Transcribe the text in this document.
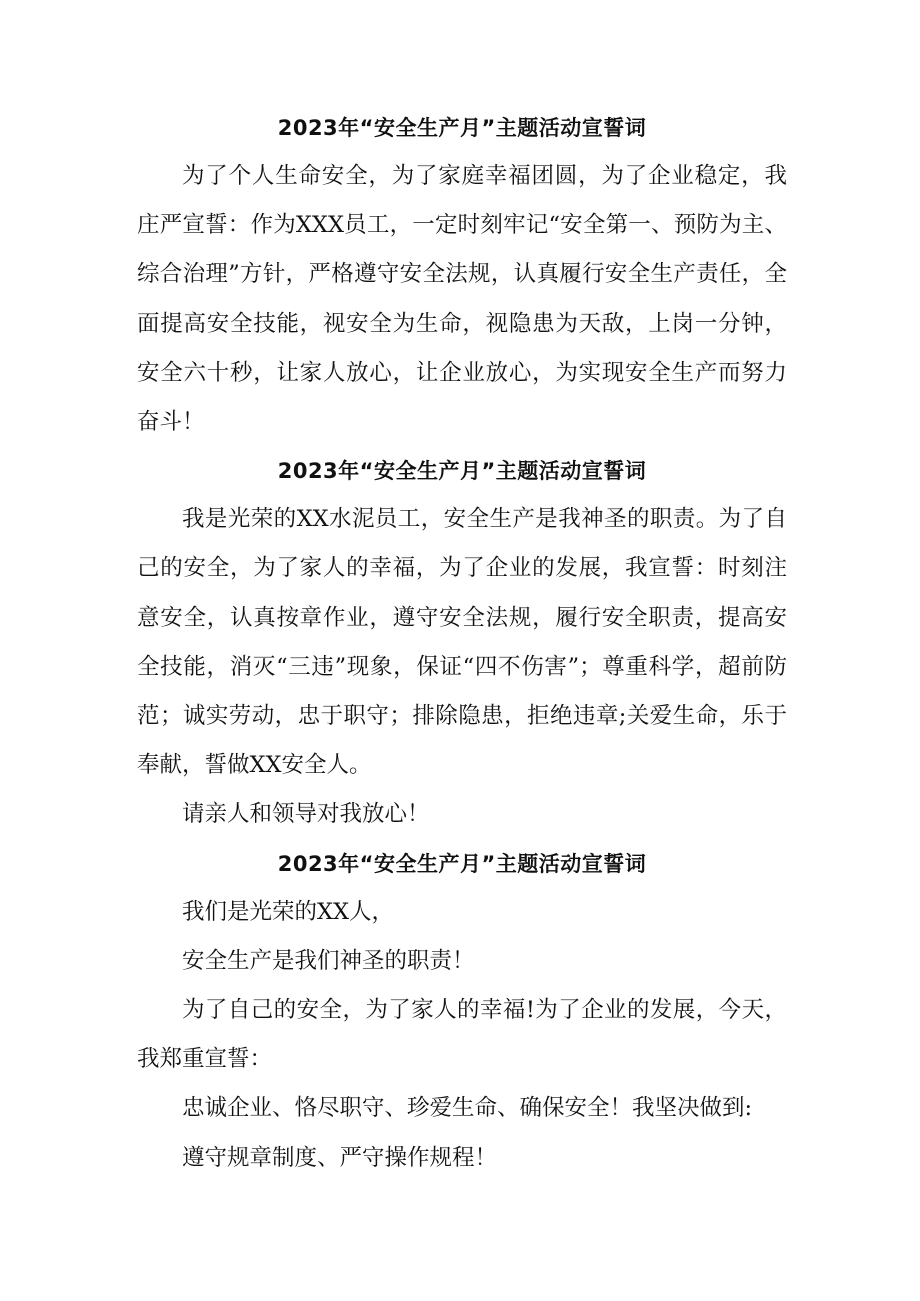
2023年“安全生产月”主题活动宣誓词

为了个人生命安全，为了家庭幸福团圆，为了企业稳定，我庄严宣誓：作为XXX员工，一定时刻牢记“安全第一、预防为主、综合治理”方针，严格遵守安全法规，认真履行安全生产责任，全面提高安全技能，视安全为生命，视隐患为天敌，上岗一分钟，安全六十秒，让家人放心，让企业放心，为实现安全生产而努力奋斗！

2023年“安全生产月”主题活动宣誓词

我是光荣的XX水泥员工，安全生产是我神圣的职责。为了自己的安全，为了家人的幸福，为了企业的发展，我宣誓：时刻注意安全，认真按章作业，遵守安全法规，履行安全职责，提高安全技能，消灭“三违”现象，保证“四不伤害”；尊重科学，超前防范；诚实劳动，忠于职守；排除隐患，拒绝违章;关爱生命，乐于奉献，誓做XX安全人。

请亲人和领导对我放心！

2023年“安全生产月”主题活动宣誓词

我们是光荣的XX人，

安全生产是我们神圣的职责！

为了自己的安全，为了家人的幸福!为了企业的发展，今天，我郑重宣誓：

忠诚企业、恪尽职守、珍爱生命、确保安全！我坚决做到:

遵守规章制度、严守操作规程！
